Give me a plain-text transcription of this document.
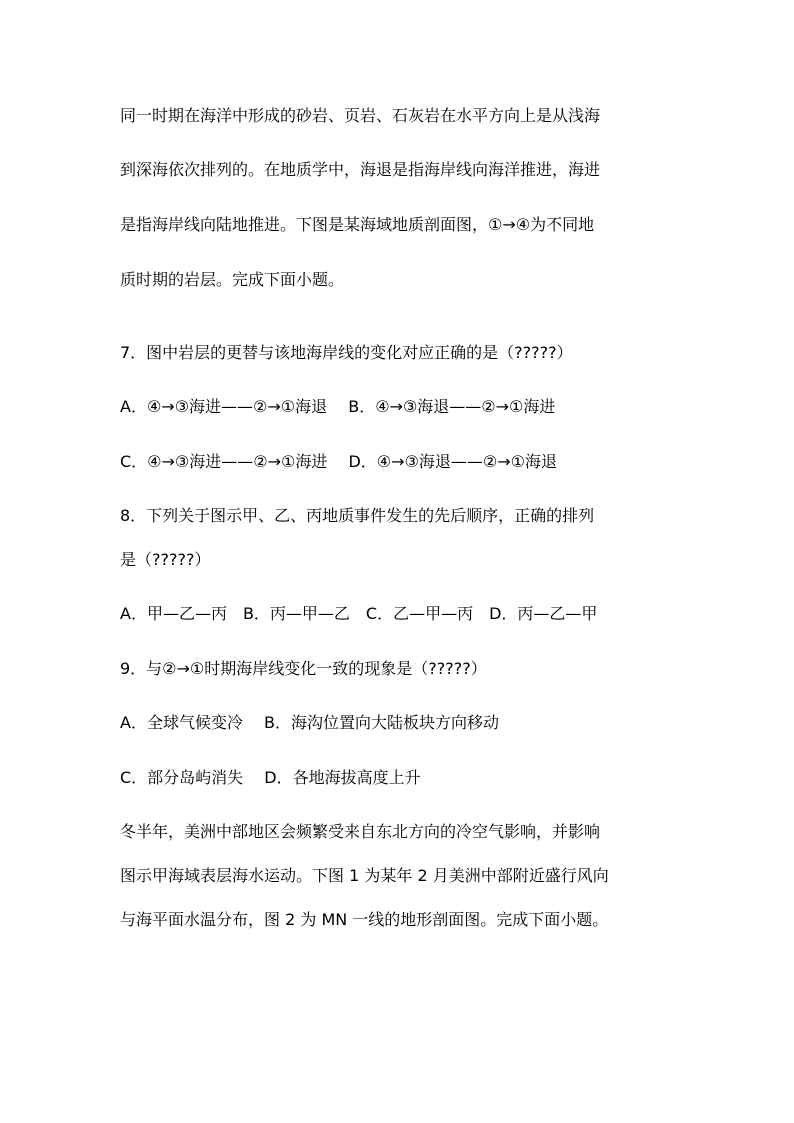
同一时期在海洋中形成的砂岩、页岩、石灰岩在水平方向上是从浅海
到深海依次排列的。在地质学中，海退是指海岸线向海洋推进，海进
是指海岸线向陆地推进。下图是某海域地质剖面图，①→④为不同地
质时期的岩层。完成下面小题。
7．图中岩层的更替与该地海岸线的变化对应正确的是（?????）
A．④→③海进——②→①海退　 B．④→③海退——②→①海进
C．④→③海进——②→①海进　 D．④→③海退——②→①海退
8．下列关于图示甲、乙、丙地质事件发生的先后顺序，正确的排列
是（?????）
A．甲—乙—丙　B．丙—甲—乙　C．乙—甲—丙　D．丙—乙—甲
9．与②→①时期海岸线变化一致的现象是（?????）
A．全球气候变冷　 B．海沟位置向大陆板块方向移动
C．部分岛屿消失　 D．各地海拔高度上升
冬半年，美洲中部地区会频繁受来自东北方向的冷空气影响，并影响
图示甲海域表层海水运动。下图 1 为某年 2 月美洲中部附近盛行风向
与海平面水温分布，图 2 为 MN 一线的地形剖面图。完成下面小题。
